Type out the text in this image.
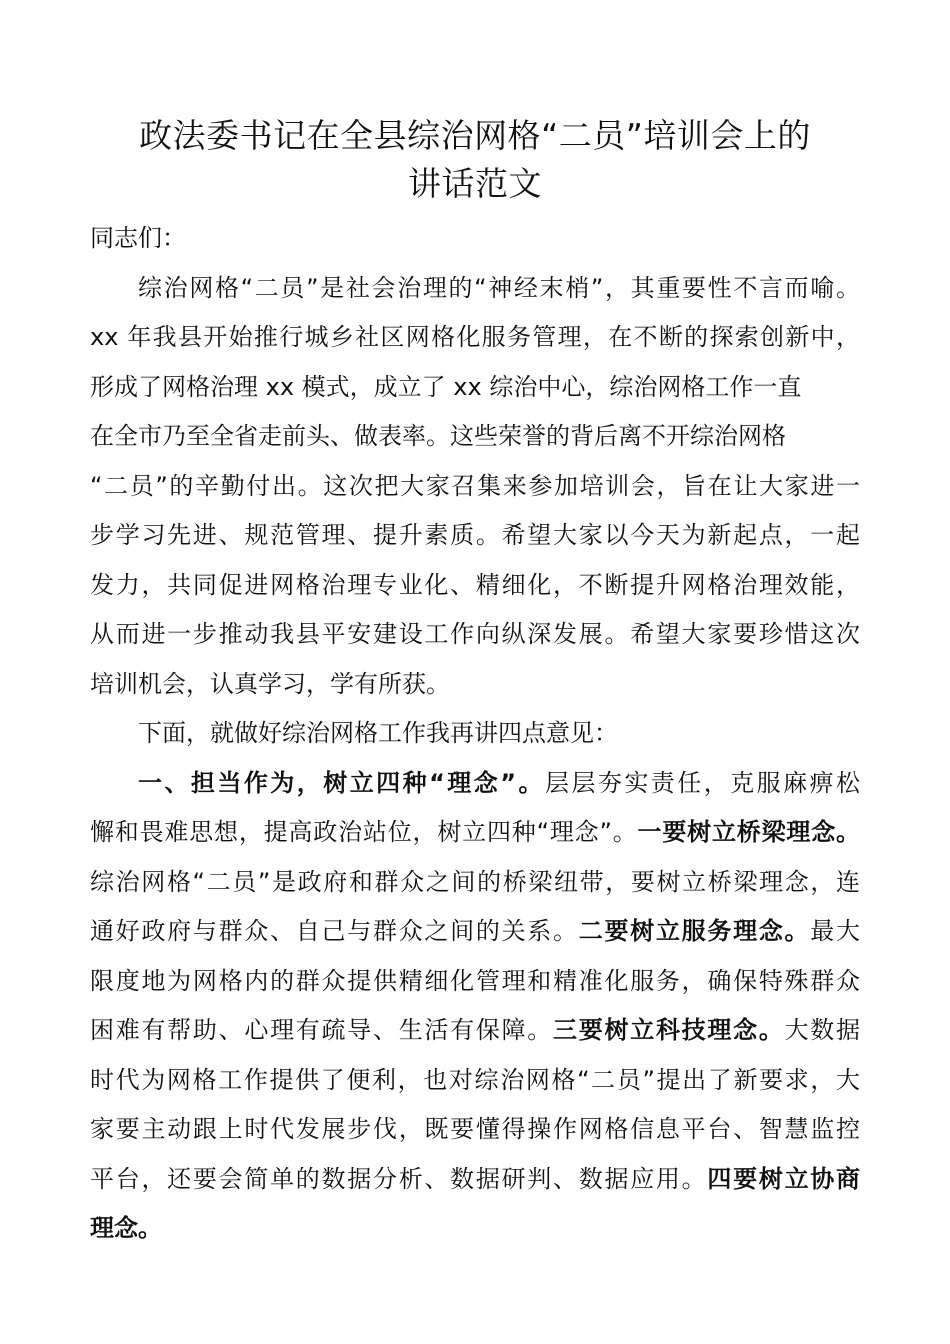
政法委书记在全县综治网格“二员”培训会上的
讲话范文
同志们：
综治网格“二员”是社会治理的“神经末梢”，其重要性不言而喻。
xx 年我县开始推行城乡社区网格化服务管理，在不断的探索创新中，
形成了网格治理 xx 模式，成立了 xx 综治中心，综治网格工作一直
在全市乃至全省走前头、做表率。这些荣誉的背后离不开综治网格
“二员”的辛勤付出。这次把大家召集来参加培训会，旨在让大家进一
步学习先进、规范管理、提升素质。希望大家以今天为新起点，一起
发力，共同促进网格治理专业化、精细化，不断提升网格治理效能，
从而进一步推动我县平安建设工作向纵深发展。希望大家要珍惜这次
培训机会，认真学习，学有所获。
下面，就做好综治网格工作我再讲四点意见：
一、担当作为，树立四种“理念”。层层夯实责任，克服麻痹松
懈和畏难思想，提高政治站位，树立四种“理念”。一要树立桥梁理念。
综治网格“二员”是政府和群众之间的桥梁纽带，要树立桥梁理念，连
通好政府与群众、自己与群众之间的关系。二要树立服务理念。最大
限度地为网格内的群众提供精细化管理和精准化服务，确保特殊群众
困难有帮助、心理有疏导、生活有保障。三要树立科技理念。大数据
时代为网格工作提供了便利，也对综治网格“二员”提出了新要求，大
家要主动跟上时代发展步伐，既要懂得操作网格信息平台、智慧监控
平台，还要会简单的数据分析、数据研判、数据应用。四要树立协商
理念。
